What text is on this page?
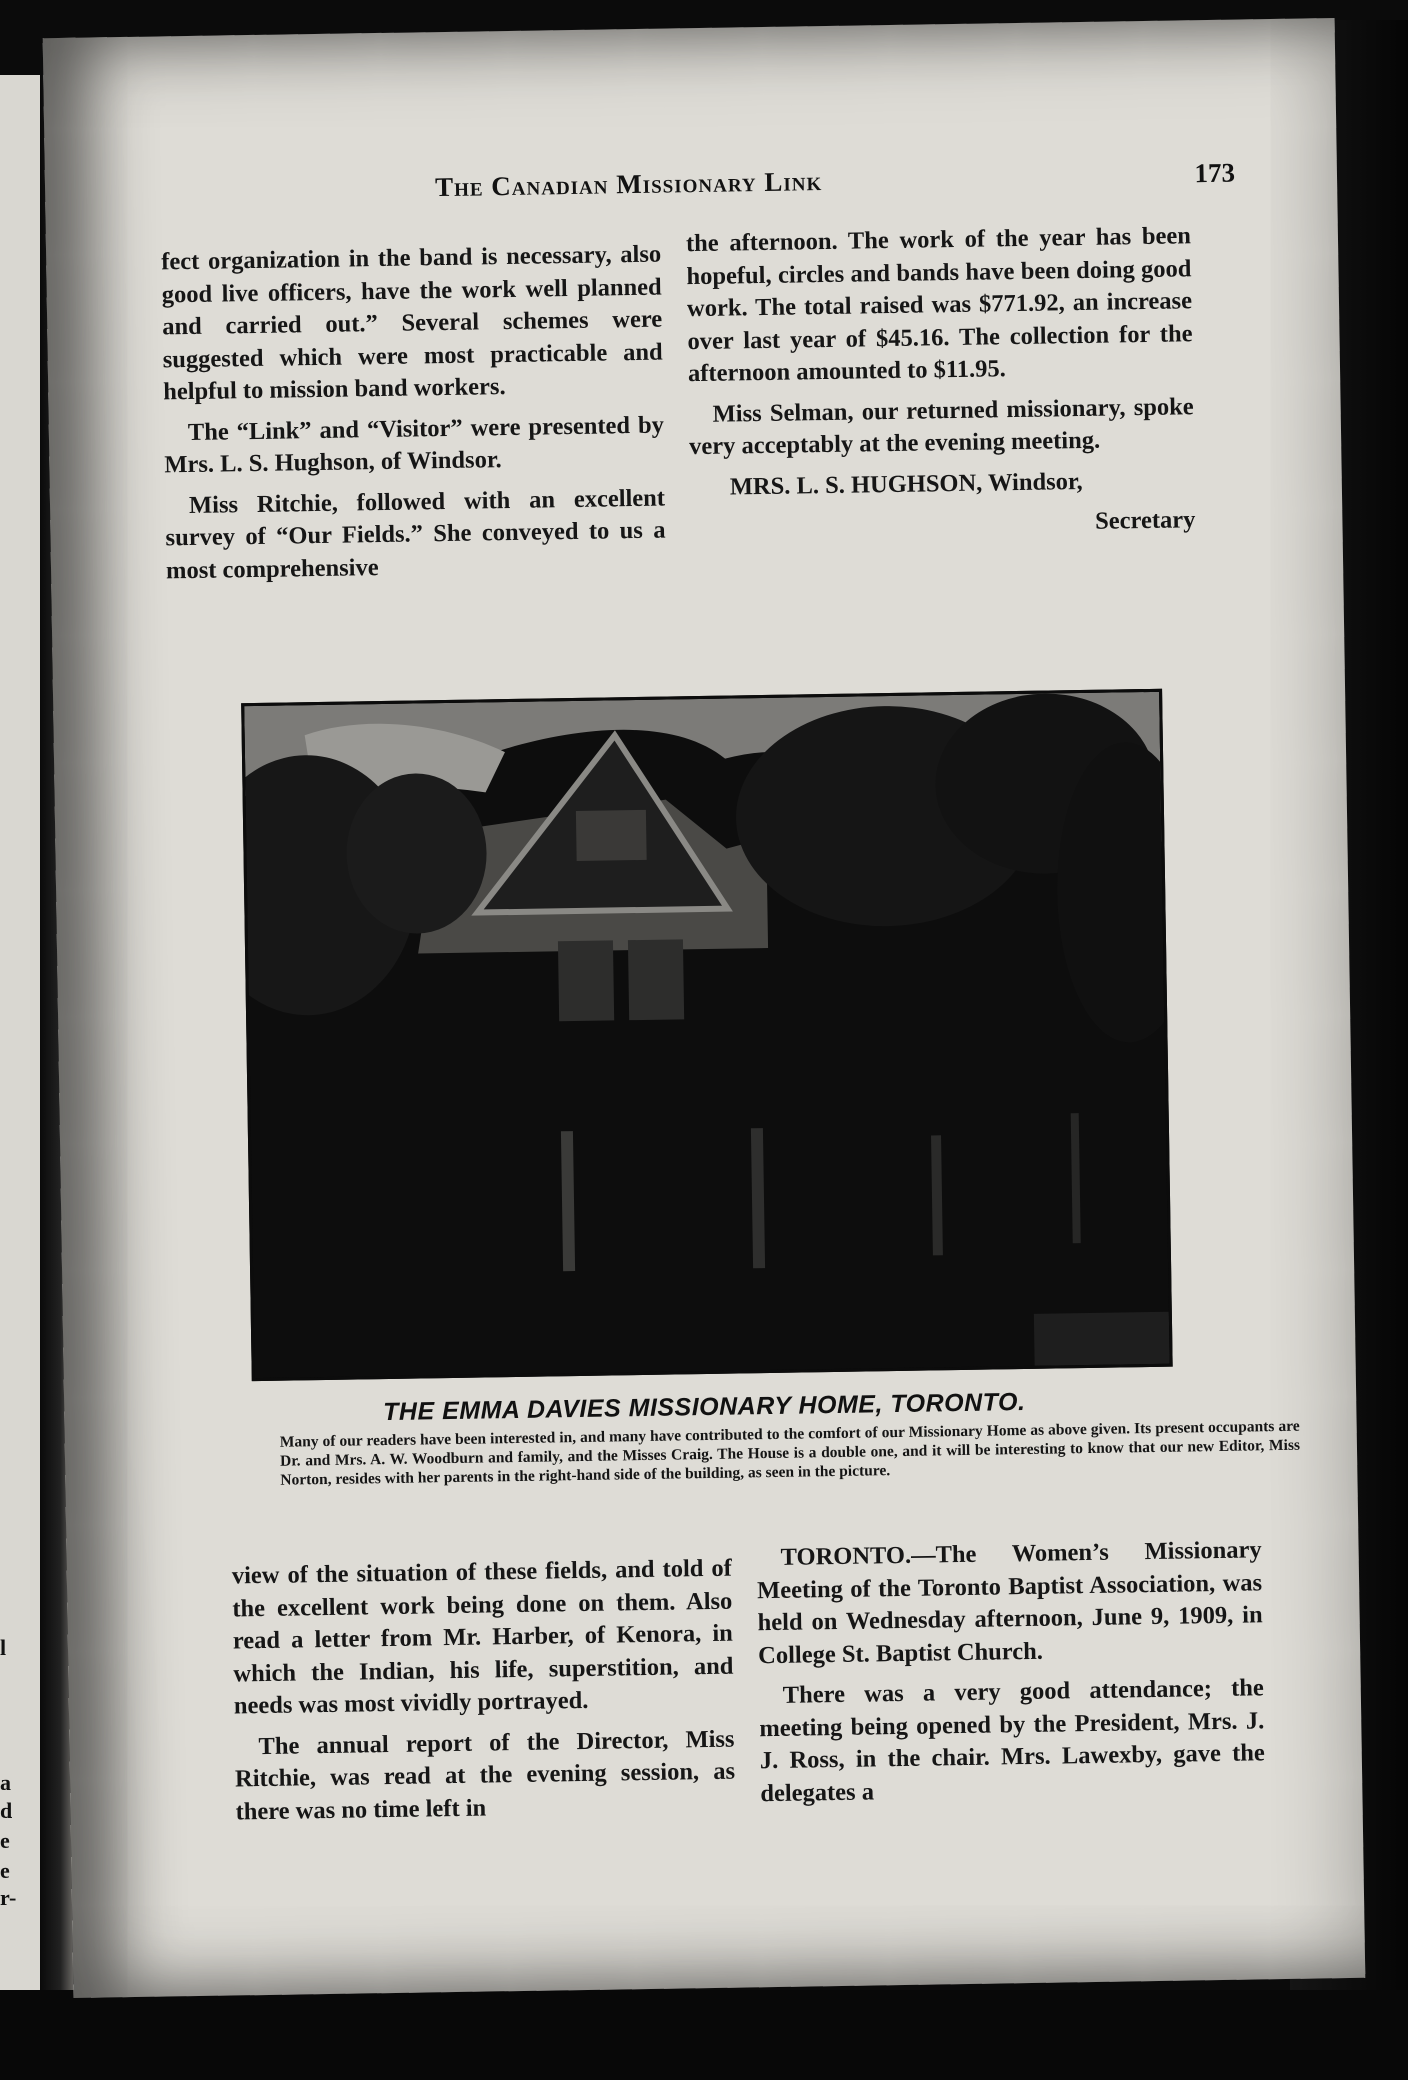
l
a
d
e
e
r-
The Canadian Missionary Link	173

fect organization in the band is necessary, also good live officers, have the work well planned and carried out.” Several schemes were suggested which were most practicable and helpful to mission band workers.

The “Link” and “Visitor” were presented by Mrs. L. S. Hughson, of Windsor.

Miss Ritchie, followed with an excellent survey of “Our Fields.” She conveyed to us a most comprehensive

the afternoon. The work of the year has been hopeful, circles and bands have been doing good work. The total raised was $771.92, an increase over last year of $45.16. The collection for the afternoon amounted to $11.95.

Miss Selman, our returned missionary, spoke very acceptably at the evening meeting.

MRS. L. S. HUGHSON, Windsor,

Secretary

THE EMMA DAVIES MISSIONARY HOME, TORONTO.
Many of our readers have been interested in, and many have contributed to the comfort of our Missionary Home as above given. Its present occupants are Dr. and Mrs. A. W. Woodburn and family, and the Misses Craig. The House is a double one, and it will be interesting to know that our new Editor, Miss Norton, resides with her parents in the right-hand side of the building, as seen in the picture.

view of the situation of these fields, and told of the excellent work being done on them. Also read a letter from Mr. Harber, of Kenora, in which the Indian, his life, superstition, and needs was most vividly portrayed.

The annual report of the Director, Miss Ritchie, was read at the evening session, as there was no time left in

TORONTO.—The Women’s Missionary Meeting of the Toronto Baptist Association, was held on Wednesday afternoon, June 9, 1909, in College St. Baptist Church.

There was a very good attendance; the meeting being opened by the President, Mrs. J. J. Ross, in the chair. Mrs. Lawexby, gave the delegates a
